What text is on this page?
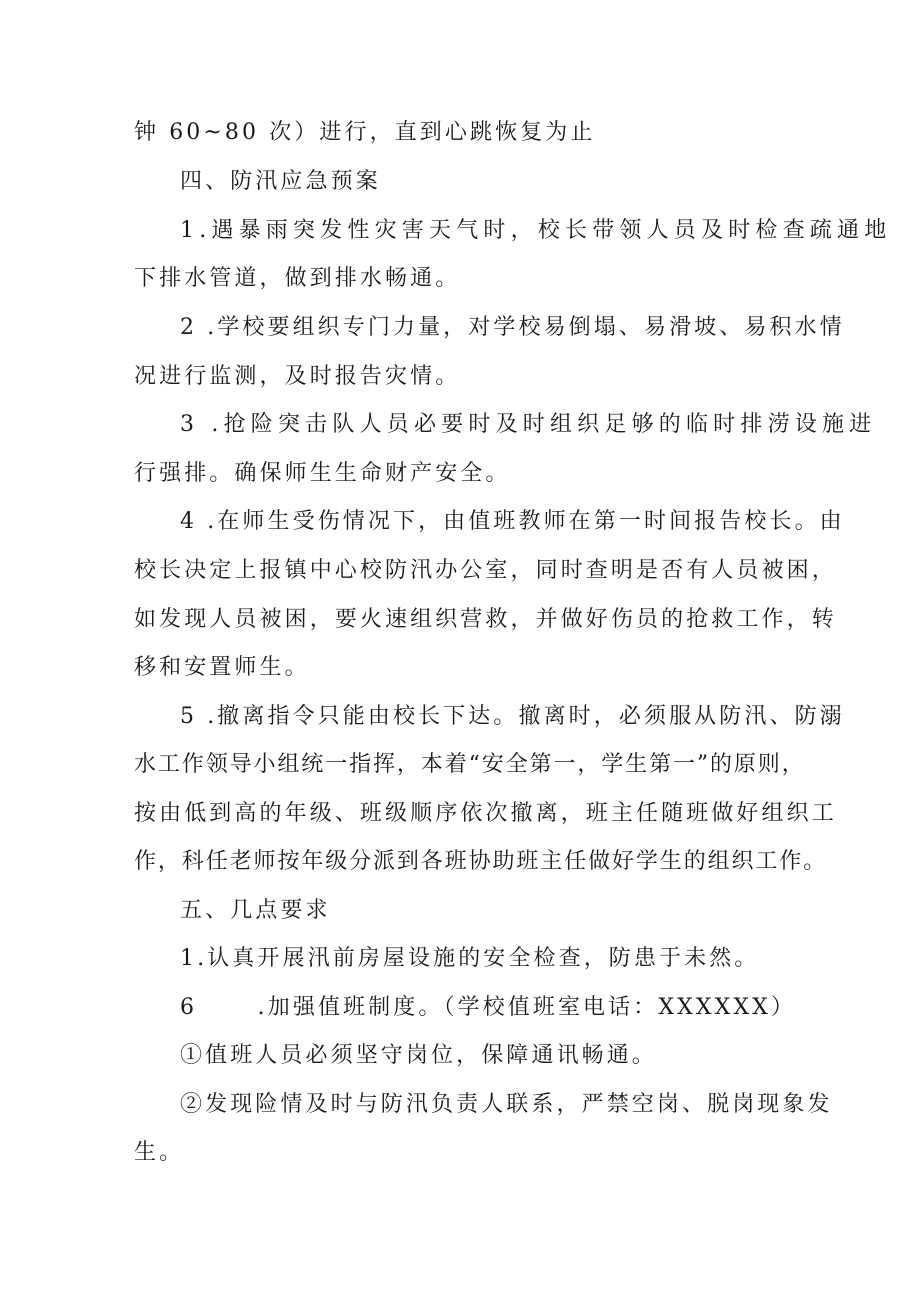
钟 60~80 次）进行，直到心跳恢复为止
四、防汛应急预案
1.遇暴雨突发性灾害天气时，校长带领人员及时检查疏通地
下排水管道，做到排水畅通。
2 .学校要组织专门力量，对学校易倒塌、易滑坡、易积水情
况进行监测，及时报告灾情。
3 .抢险突击队人员必要时及时组织足够的临时排涝设施进
行强排。确保师生生命财产安全。
4 .在师生受伤情况下，由值班教师在第一时间报告校长。由
校长决定上报镇中心校防汛办公室，同时查明是否有人员被困，
如发现人员被困，要火速组织营救，并做好伤员的抢救工作，转
移和安置师生。
5 .撤离指令只能由校长下达。撤离时，必须服从防汛、防溺
水工作领导小组统一指挥，本着“安全第一，学生第一”的原则，
按由低到高的年级、班级顺序依次撤离，班主任随班做好组织工
作，科任老师按年级分派到各班协助班主任做好学生的组织工作。
五、几点要求
1.认真开展汛前房屋设施的安全检查，防患于未然。
6      .加强值班制度。（学校值班室电话：XXXXXX）
①值班人员必须坚守岗位，保障通讯畅通。
②发现险情及时与防汛负责人联系，严禁空岗、脱岗现象发
生。
